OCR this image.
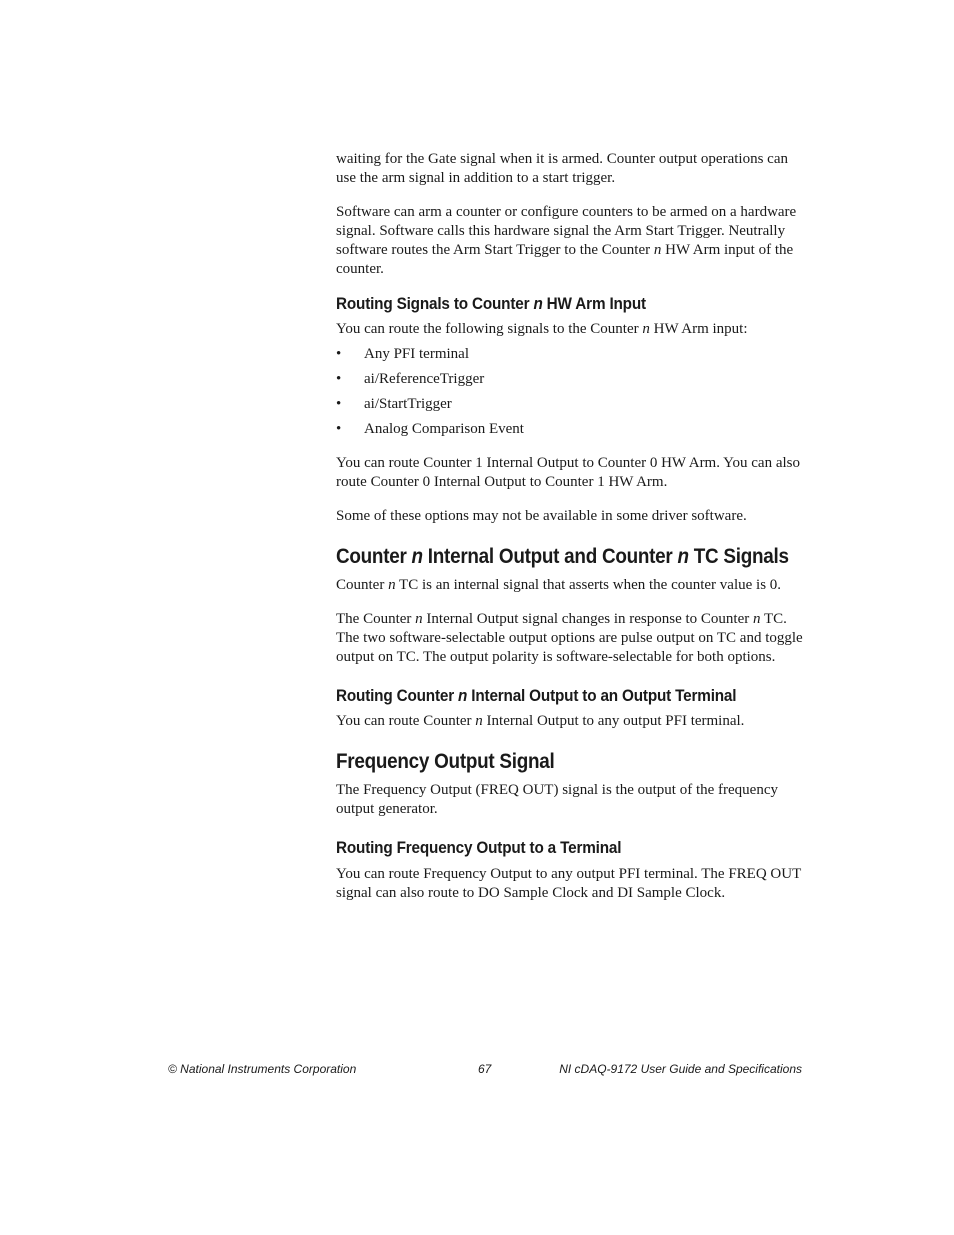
waiting for the Gate signal when it is armed. Counter output operations can use the arm signal in addition to a start trigger.

Software can arm a counter or configure counters to be armed on a hardware signal. Software calls this hardware signal the Arm Start Trigger. Neutrally software routes the Arm Start Trigger to the Counter n HW Arm input of the counter.

Routing Signals to Counter n HW Arm Input

You can route the following signals to the Counter n HW Arm input:

• Any PFI terminal
• ai/ReferenceTrigger
• ai/StartTrigger
• Analog Comparison Event

You can route Counter 1 Internal Output to Counter 0 HW Arm. You can also route Counter 0 Internal Output to Counter 1 HW Arm.

Some of these options may not be available in some driver software.

Counter n Internal Output and Counter n TC Signals

Counter n TC is an internal signal that asserts when the counter value is 0.

The Counter n Internal Output signal changes in response to Counter n TC. The two software-selectable output options are pulse output on TC and toggle output on TC. The output polarity is software-selectable for both options.

Routing Counter n Internal Output to an Output Terminal

You can route Counter n Internal Output to any output PFI terminal.

Frequency Output Signal

The Frequency Output (FREQ OUT) signal is the output of the frequency output generator.

Routing Frequency Output to a Terminal

You can route Frequency Output to any output PFI terminal. The FREQ OUT signal can also route to DO Sample Clock and DI Sample Clock.

© National Instruments Corporation	67	NI cDAQ-9172 User Guide and Specifications
